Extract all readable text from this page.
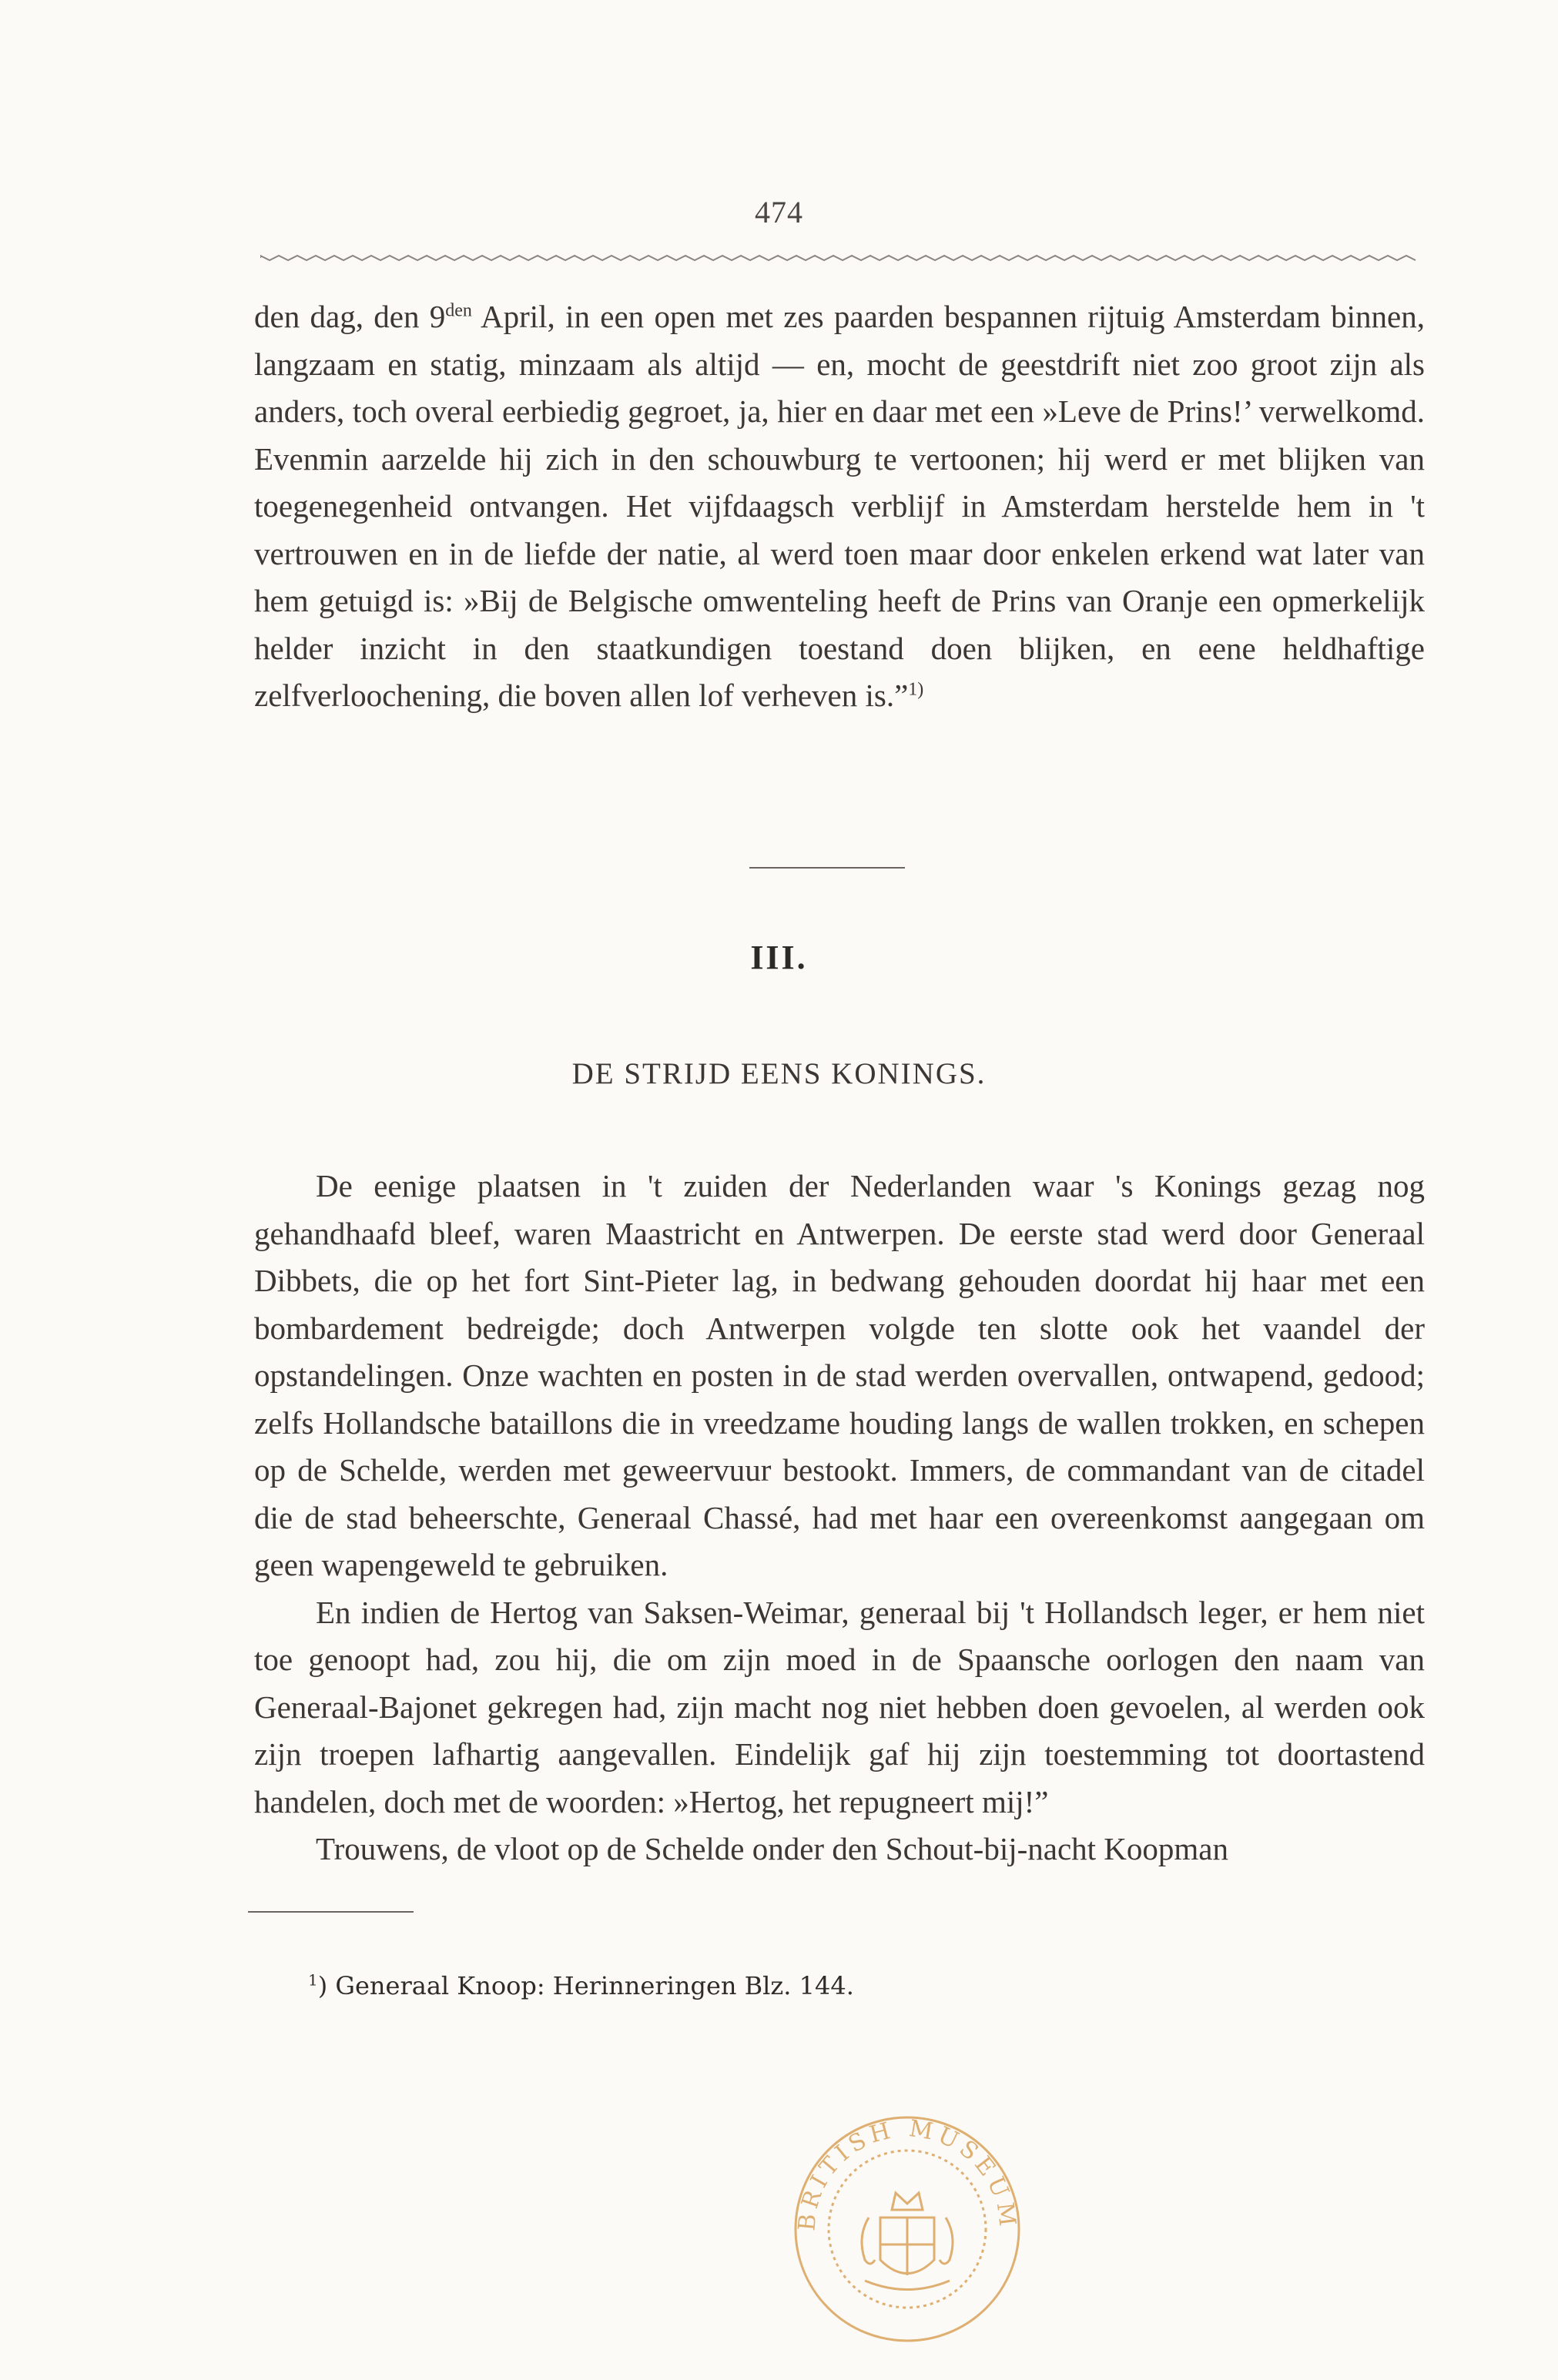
474

den dag, den $9^{den}$ April, in een open met zes paarden bespannen rijtuig Amsterdam binnen, langzaam en statig, minzaam als altijd — en, mocht de geestdrift niet zoo groot zijn als anders, toch overal eerbiedig gegroet, ja, hier en daar met een »Leve de Prins!’ verwelkomd. Evenmin aarzelde hij zich in den schouwburg te vertoonen; hij werd er met blijken van toegenegenheid ontvangen. Het vijfdaagsch verblijf in Amsterdam herstelde hem in 't vertrouwen en in de liefde der natie, al werd toen maar door enkelen erkend wat later van hem getuigd is: »Bij de Belgische omwenteling heeft de Prins van Oranje een opmerkelijk helder inzicht in den staatkundigen toestand doen blijken, en eene heldhaftige zelfverloochening, die boven allen lof verheven is.”$^{1)}$

III.
DE STRIJD EENS KONINGS.

De eenige plaatsen in 't zuiden der Nederlanden waar 's Konings gezag nog gehandhaafd bleef, waren Maastricht en Antwerpen. De eerste stad werd door Generaal Dibbets, die op het fort Sint-Pieter lag, in bedwang gehouden doordat hij haar met een bombardement bedreigde; doch Antwerpen volgde ten slotte ook het vaandel der opstandelingen. Onze wachten en posten in de stad werden overvallen, ontwapend, gedood; zelfs Hollandsche bataillons die in vreedzame houding langs de wallen trokken, en schepen op de Schelde, werden met geweervuur bestookt. Immers, de commandant van de citadel die de stad beheerschte, Generaal Chassé, had met haar een overeenkomst aangegaan om geen wapengeweld te gebruiken.

En indien de Hertog van Saksen-Weimar, generaal bij 't Hollandsch leger, er hem niet toe genoopt had, zou hij, die om zijn moed in de Spaansche oorlogen den naam van Generaal-Bajonet gekregen had, zijn macht nog niet hebben doen gevoelen, al werden ook zijn troepen lafhartig aangevallen. Eindelijk gaf hij zijn toestemming tot doortastend handelen, doch met de woorden: »Hertog, het repugneert mij!”

Trouwens, de vloot op de Schelde onder den Schout-bij-nacht Koopman

$^1$) Generaal Knoop: Herinneringen Blz. 144.
BRITISH MUSEUM
